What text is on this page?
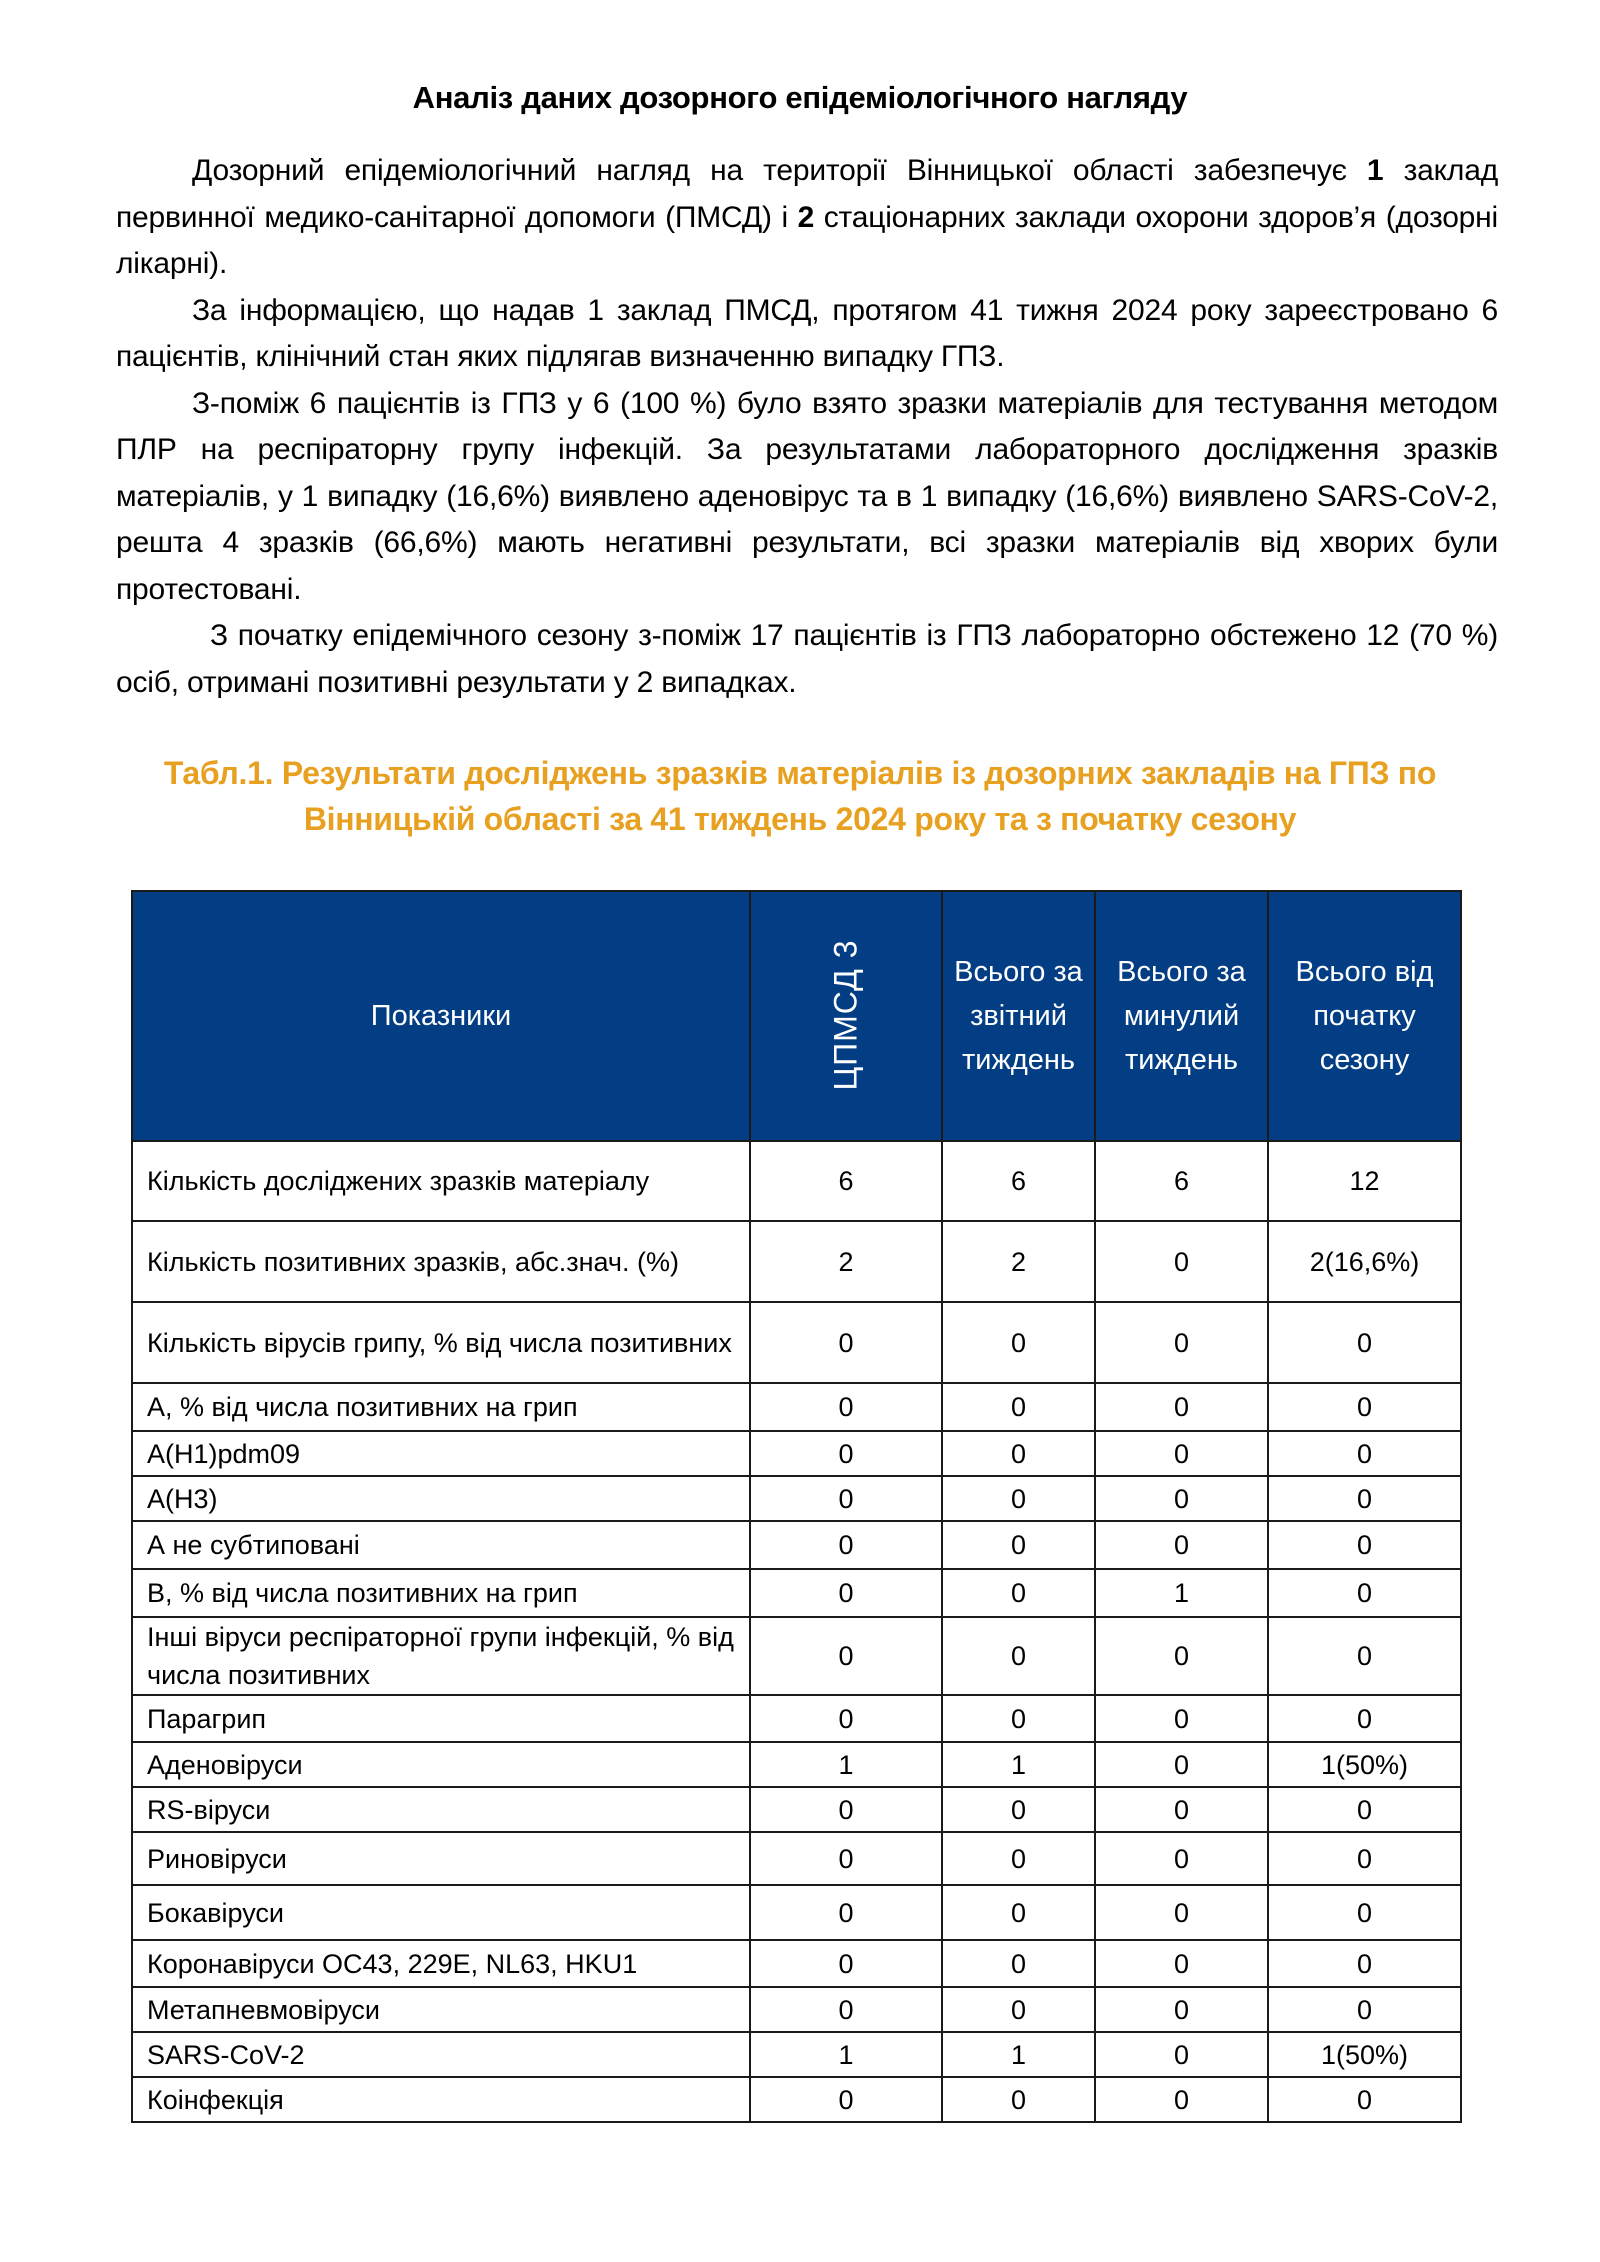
Аналіз даних дозорного епідеміологічного нагляду

Дозорний епідеміологічний нагляд на території Вінницької області забезпечує 1 заклад первинної медико-санітарної допомоги (ПМСД) і 2 стаціонарних заклади охорони здоров’я (дозорні лікарні).

За інформацією, що надав 1 заклад ПМСД, протягом 41 тижня 2024 року зареєстровано 6 пацієнтів, клінічний стан яких підлягав визначенню випадку ГПЗ.

З-поміж 6 пацієнтів із ГПЗ у 6 (100 %) було взято зразки матеріалів для тестування методом ПЛР на респіраторну групу інфекцій. За результатами лабораторного дослідження зразків матеріалів, у 1 випадку (16,6%) виявлено аденовірус та в 1 випадку (16,6%) виявлено SARS-CoV-2, решта 4 зразків (66,6%) мають негативні результати, всі зразки матеріалів від хворих були протестовані.

З початку епідемічного сезону з-поміж 17 пацієнтів із ГПЗ лабораторно обстежено 12 (70 %) осіб, отримані позитивні результати у 2 випадках.

Табл.1. Результати досліджень зразків матеріалів із дозорних закладів на ГПЗ по
Вінницькій області за 41 тиждень 2024 року та з початку сезону
Показники	ЦПМСД 3	Всього за звітний тиждень	Всього за минулий тиждень	Всього від початку сезону
Кількість досліджених зразків матеріалу	6	6	6	12
Кількість позитивних зразків, абс.знач. (%)	2	2	0	2(16,6%)
Кількість вірусів грипу, % від числа позитивних	0	0	0	0
А, % від числа позитивних на грип	0	0	0	0
А(Н1)pdm09	0	0	0	0
А(Н3)	0	0	0	0
А не субтиповані	0	0	0	0
В, % від числа позитивних на грип	0	0	1	0
Інші віруси респіраторної групи інфекцій, % від числа позитивних	0	0	0	0
Парагрип	0	0	0	0
Аденовіруси	1	1	0	1(50%)
RS-віруси	0	0	0	0
Риновіруси	0	0	0	0
Бокавіруси	0	0	0	0
Коронавіруси ОС43, 229E, NL63, HKU1	0	0	0	0
Метапневмовіруси	0	0	0	0
SARS-CoV-2	1	1	0	1(50%)
Коінфекція	0	0	0	0
